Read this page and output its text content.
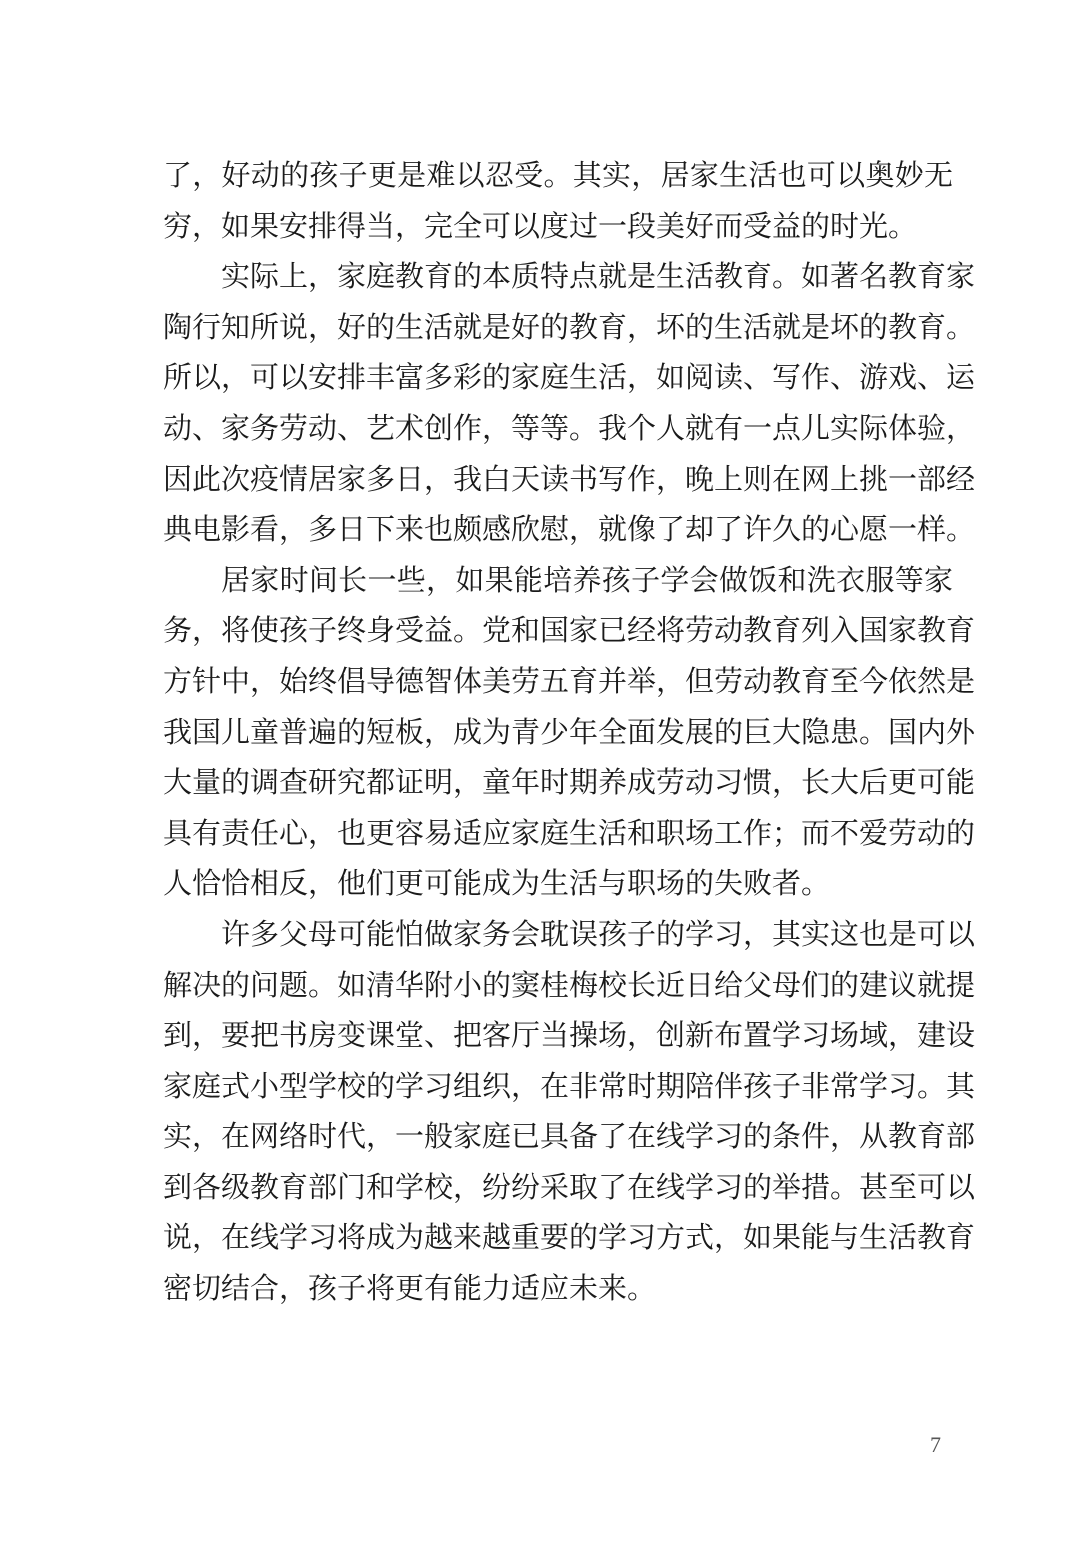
了，好动的孩子更是难以忍受。其实，居家生活也可以奥妙无
穷，如果安排得当，完全可以度过一段美好而受益的时光。
实际上，家庭教育的本质特点就是生活教育。如著名教育家
陶行知所说，好的生活就是好的教育，坏的生活就是坏的教育。
所以，可以安排丰富多彩的家庭生活，如阅读、写作、游戏、运
动、家务劳动、艺术创作，等等。我个人就有一点儿实际体验，
因此次疫情居家多日，我白天读书写作，晚上则在网上挑一部经
典电影看，多日下来也颇感欣慰，就像了却了许久的心愿一样。
居家时间长一些，如果能培养孩子学会做饭和洗衣服等家
务，将使孩子终身受益。党和国家已经将劳动教育列入国家教育
方针中，始终倡导德智体美劳五育并举，但劳动教育至今依然是
我国儿童普遍的短板，成为青少年全面发展的巨大隐患。国内外
大量的调查研究都证明，童年时期养成劳动习惯，长大后更可能
具有责任心，也更容易适应家庭生活和职场工作；而不爱劳动的
人恰恰相反，他们更可能成为生活与职场的失败者。
许多父母可能怕做家务会耽误孩子的学习，其实这也是可以
解决的问题。如清华附小的窦桂梅校长近日给父母们的建议就提
到，要把书房变课堂、把客厅当操场，创新布置学习场域，建设
家庭式小型学校的学习组织，在非常时期陪伴孩子非常学习。其
实，在网络时代，一般家庭已具备了在线学习的条件，从教育部
到各级教育部门和学校，纷纷采取了在线学习的举措。甚至可以
说，在线学习将成为越来越重要的学习方式，如果能与生活教育
密切结合，孩子将更有能力适应未来。
7
